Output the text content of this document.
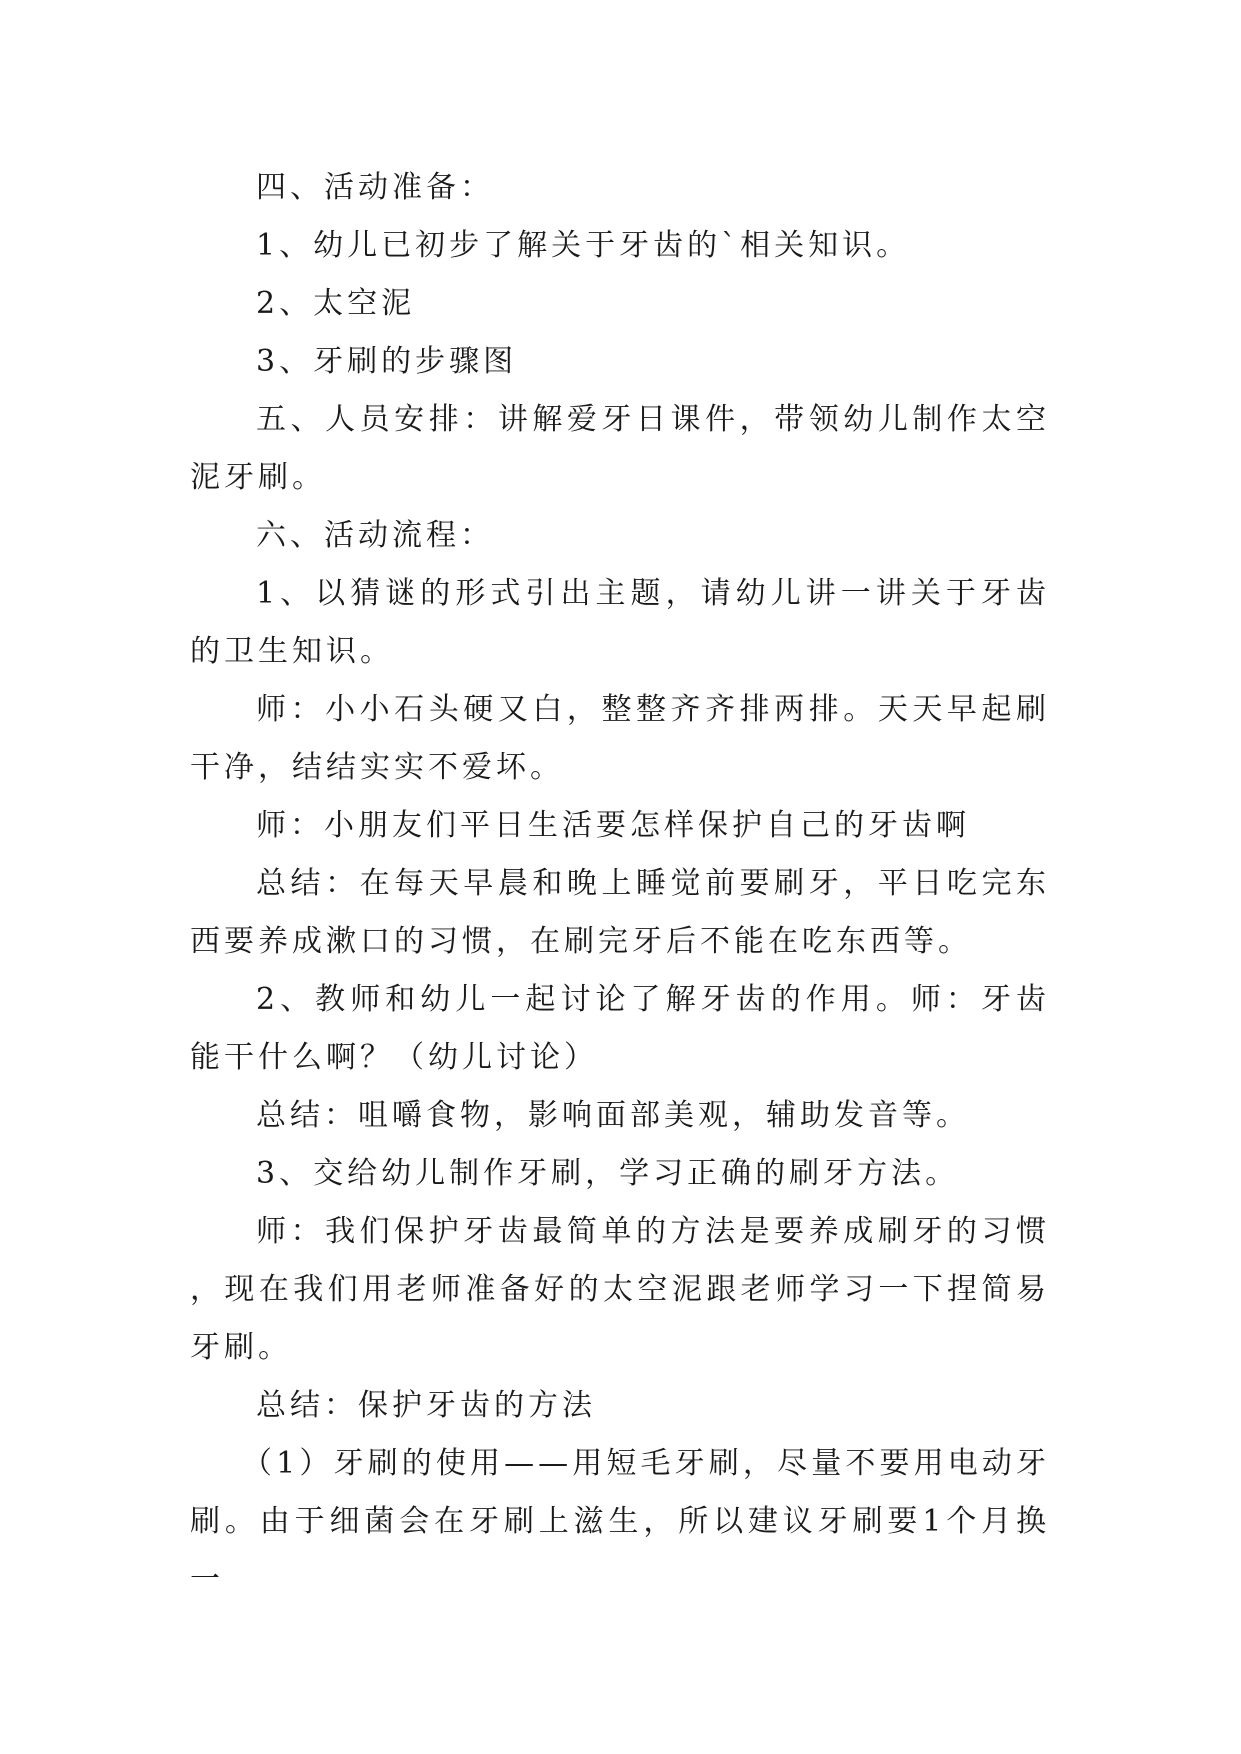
四、活动准备：

1、幼儿已初步了解关于牙齿的`相关知识。

2、太空泥

3、牙刷的步骤图

五、人员安排：讲解爱牙日课件，带领幼儿制作太空泥牙刷。

六、活动流程：

1、以猜谜的形式引出主题，请幼儿讲一讲关于牙齿的卫生知识。

师：小小石头硬又白，整整齐齐排两排。天天早起刷干净，结结实实不爱坏。

师：小朋友们平日生活要怎样保护自己的牙齿啊

总结：在每天早晨和晚上睡觉前要刷牙，平日吃完东西要养成漱口的习惯，在刷完牙后不能在吃东西等。

2、教师和幼儿一起讨论了解牙齿的作用。师：牙齿能干什么啊？（幼儿讨论）

总结：咀嚼食物，影响面部美观，辅助发音等。

3、交给幼儿制作牙刷，学习正确的刷牙方法。

师：我们保护牙齿最简单的方法是要养成刷牙的习惯，现在我们用老师准备好的太空泥跟老师学习一下捏简易牙刷。

总结：保护牙齿的方法

（1）牙刷的使用——用短毛牙刷，尽量不要用电动牙刷。由于细菌会在牙刷上滋生，所以建议牙刷要1个月换一
